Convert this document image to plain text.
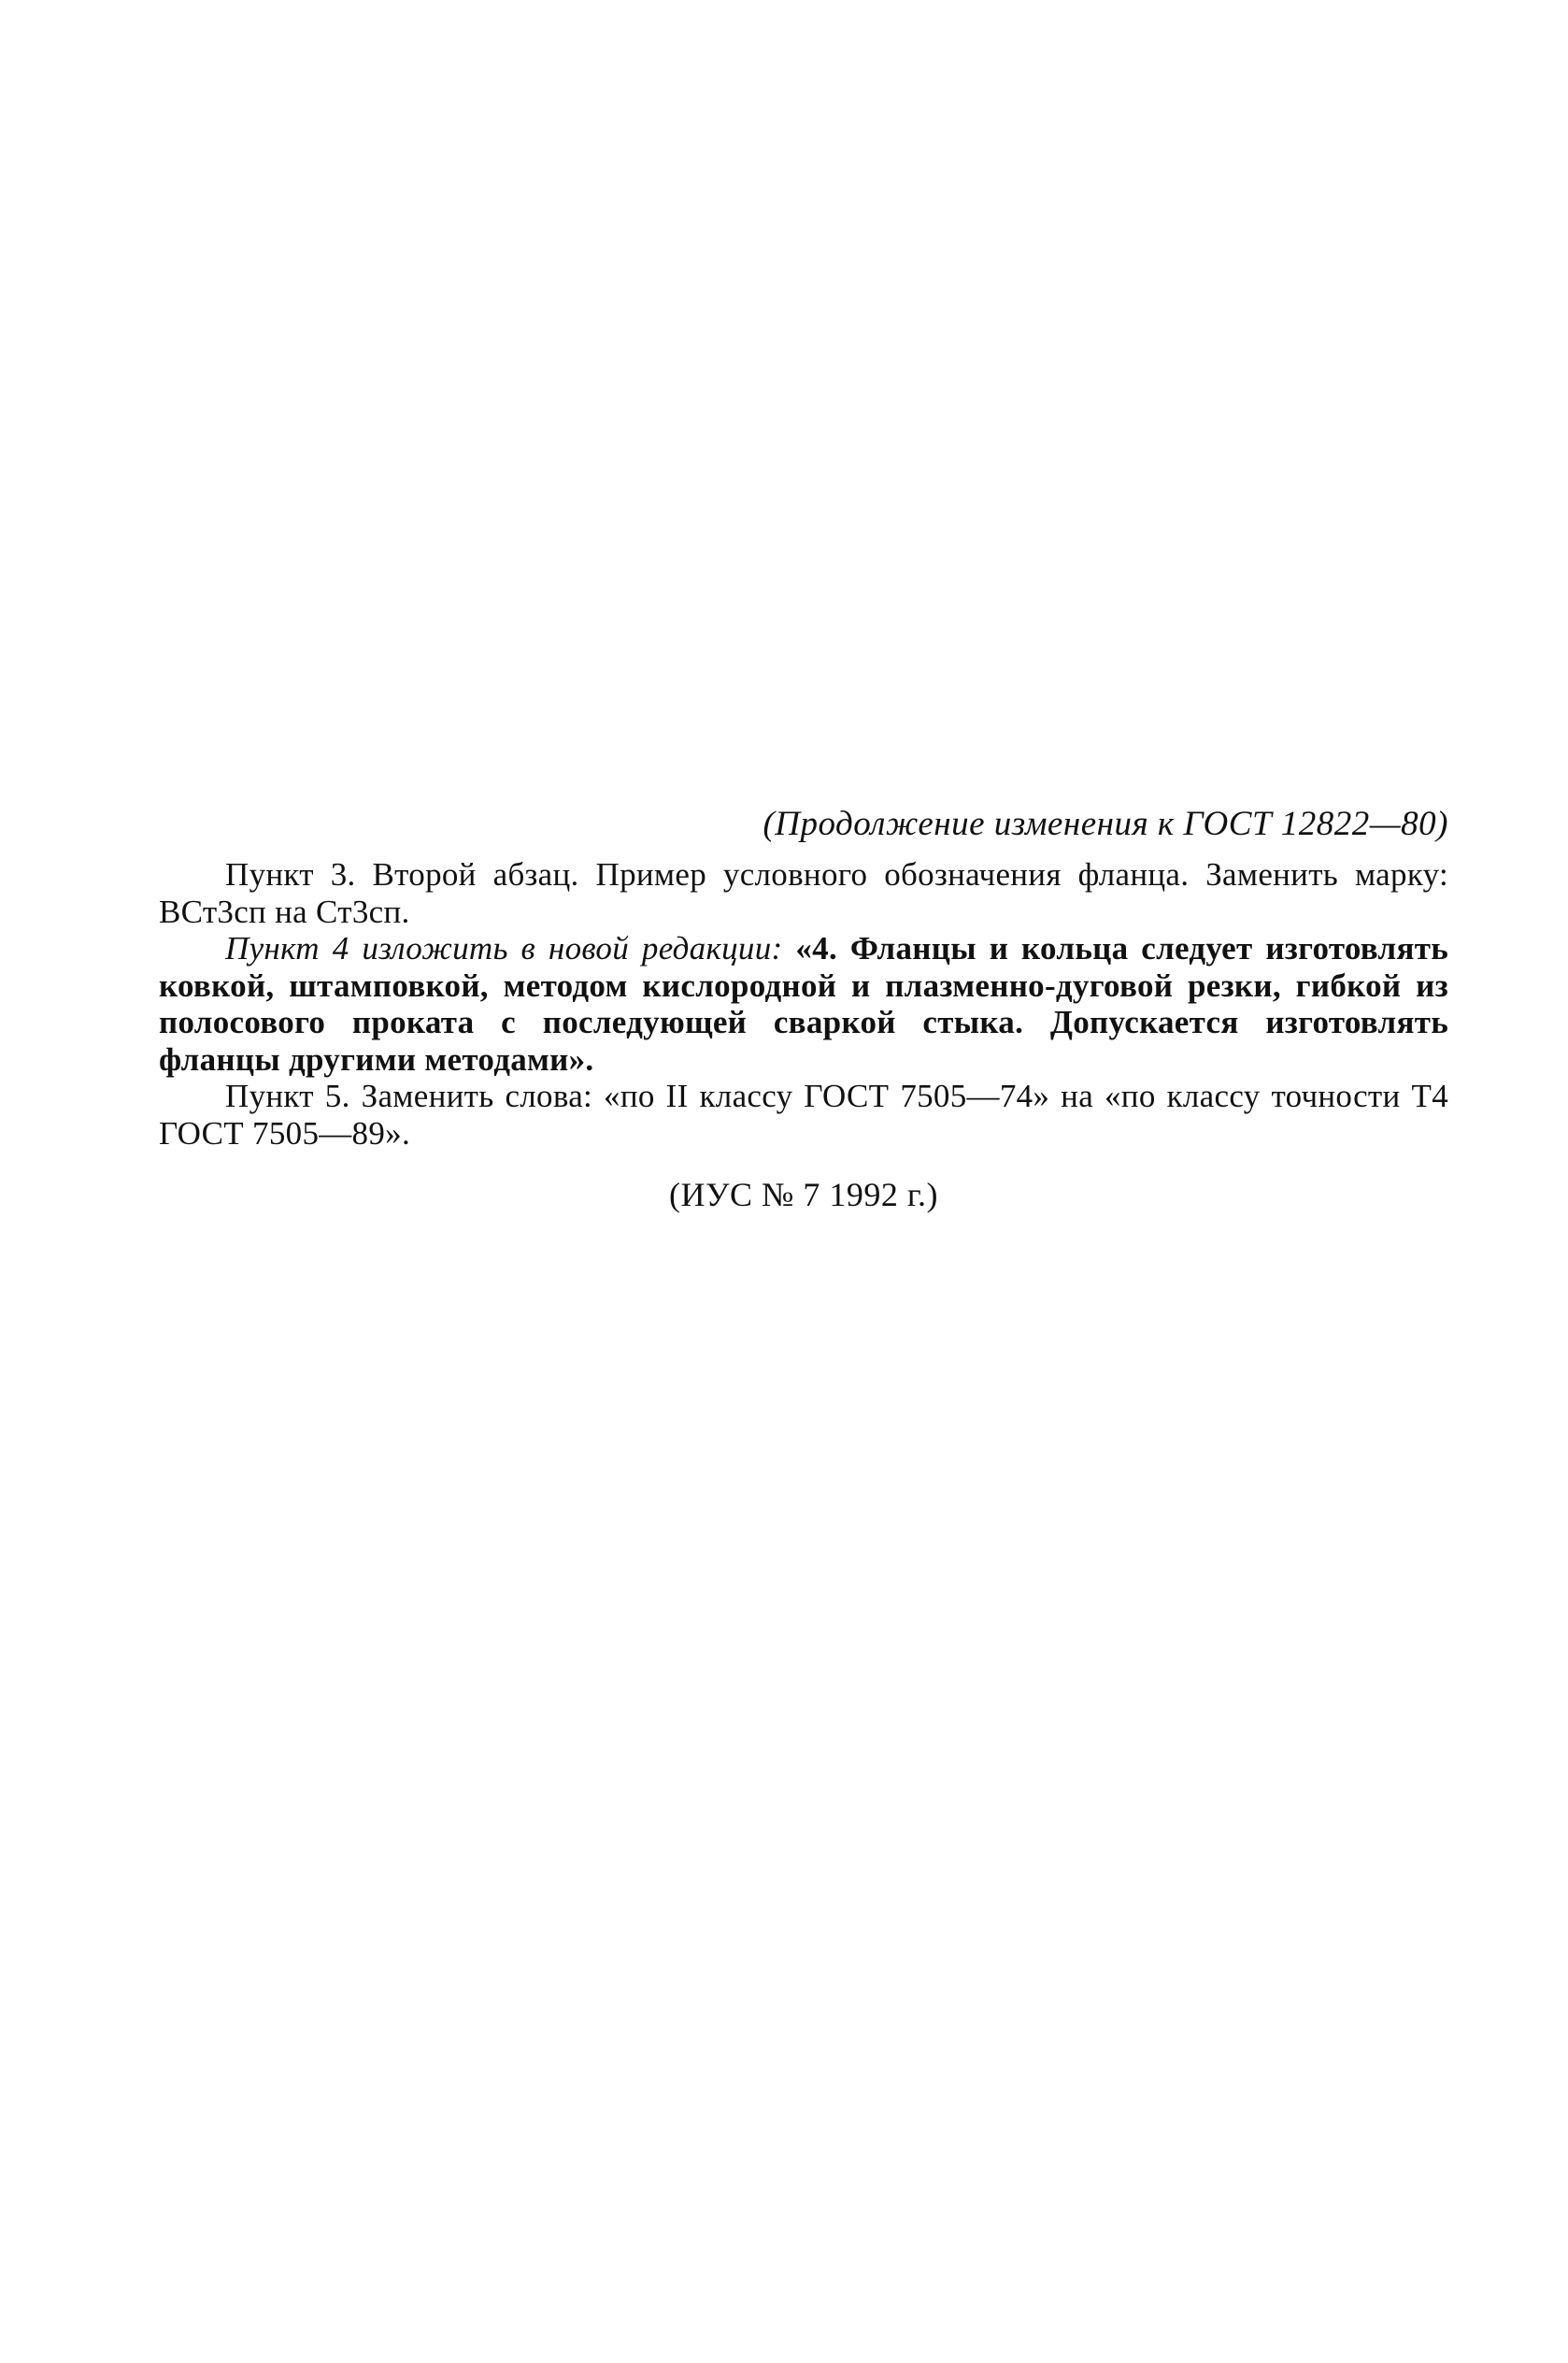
(Продолжение изменения к ГОСТ 12822—80)

Пункт 3. Второй абзац. Пример условного обозначения фланца. Заменить марку: ВСт3сп на Ст3сп.

Пункт 4 изложить в новой редакции: «4. Фланцы и кольца следует изготовлять ковкой, штамповкой, методом кислородной и плазменно-дуговой резки, гибкой из полосового проката с последующей сваркой стыка. Допускается изготовлять фланцы другими методами».

Пункт 5. Заменить слова: «по II классу ГОСТ 7505—74» на «по классу точности Т4 ГОСТ 7505—89».

(ИУС № 7 1992 г.)
